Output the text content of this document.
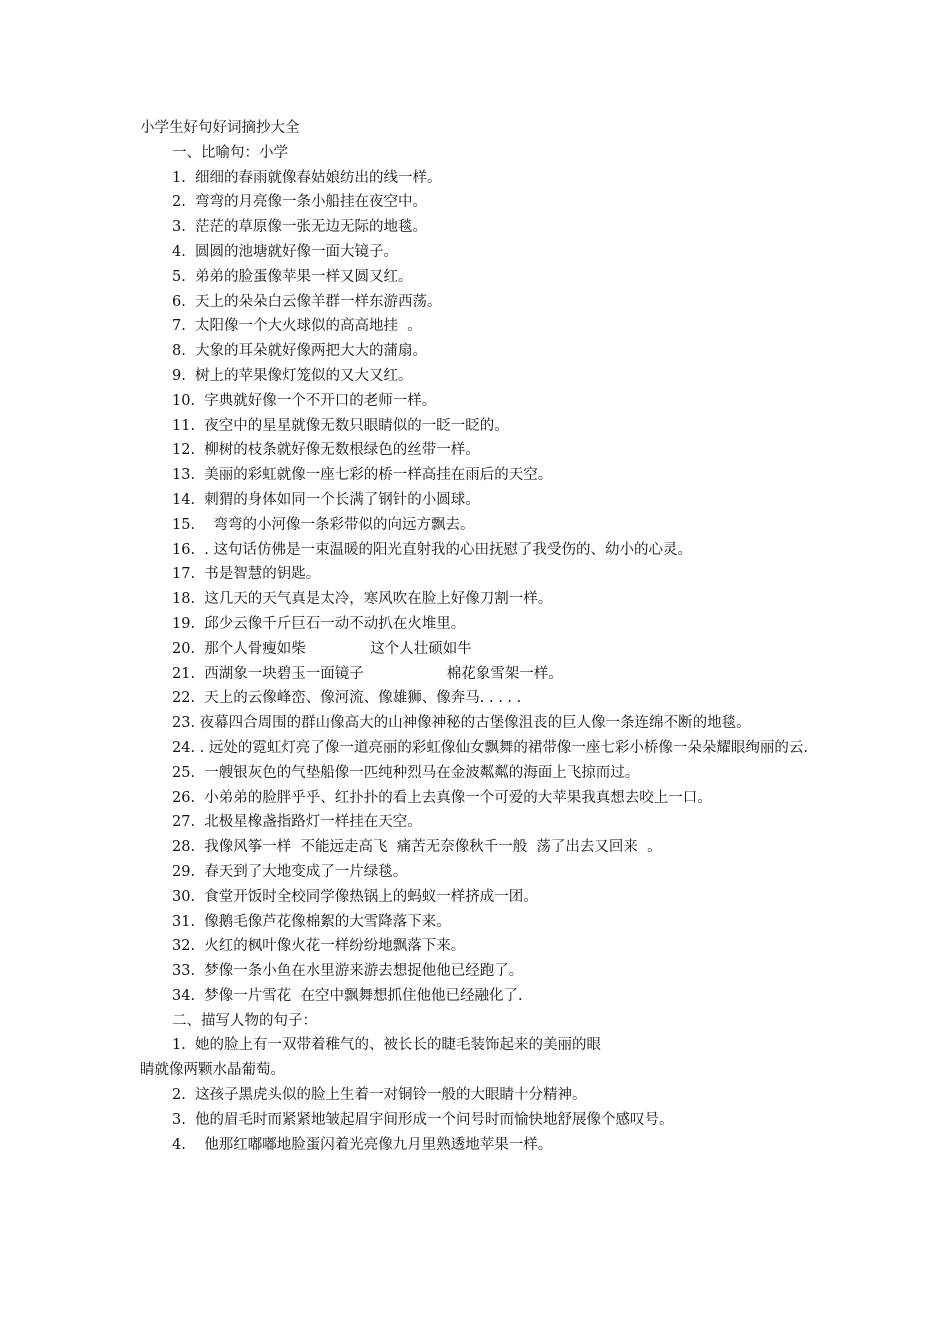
小学生好句好词摘抄大全
一、比喻句：小学
1.  细细的春雨就像春姑娘纺出的线一样。
2.  弯弯的月亮像一条小船挂在夜空中。
3.  茫茫的草原像一张无边无际的地毯。
4.  圆圆的池塘就好像一面大镜子。
5.  弟弟的脸蛋像苹果一样又圆又红。
6.  天上的朵朵白云像羊群一样东游西荡。
7.  太阳像一个大火球似的高高地挂  。
8.  大象的耳朵就好像两把大大的蒲扇。
9.  树上的苹果像灯笼似的又大又红。
10.  字典就好像一个不开口的老师一样。
11.  夜空中的星星就像无数只眼睛似的一眨一眨的。
12.  柳树的枝条就好像无数根绿色的丝带一样。
13.  美丽的彩虹就像一座七彩的桥一样高挂在雨后的天空。
14.  刺猬的身体如同一个长满了钢针的小圆球。
15.    弯弯的小河像一条彩带似的向远方飘去。
16.  . 这句话仿佛是一束温暖的阳光直射我的心田抚慰了我受伤的、幼小的心灵。
17.  书是智慧的钥匙。
18.  这几天的天气真是太冷，寒风吹在脸上好像刀割一样。
19.  邱少云像千斤巨石一动不动扒在火堆里。
20.  那个人骨瘦如柴              这个人壮硕如牛
21.  西湖象一块碧玉一面镜子                  棉花象雪架一样。
22.  天上的云像峰峦、像河流、像雄狮、像奔马. . . . .
23. 夜幕四合周围的群山像高大的山神像神秘的古堡像沮丧的巨人像一条连绵不断的地毯。
24. . 远处的霓虹灯亮了像一道亮丽的彩虹像仙女飘舞的裙带像一座七彩小桥像一朵朵耀眼绚丽的云.
25.  一艘银灰色的气垫船像一匹纯种烈马在金波粼粼的海面上飞掠而过。
26.  小弟弟的脸胖乎乎、红扑扑的看上去真像一个可爱的大苹果我真想去咬上一口。
27.  北极星橡盏指路灯一样挂在天空。
28.  我像风筝一样  不能远走高飞  痛苦无奈像秋千一般  荡了出去又回来  。
29.  春天到了大地变成了一片绿毯。
30.  食堂开饭时全校同学像热锅上的蚂蚁一样挤成一团。
31.  像鹅毛像芦花像棉絮的大雪降落下来。
32.  火红的枫叶像火花一样纷纷地飘落下来。
33.  梦像一条小鱼在水里游来游去想捉他他已经跑了。
34.  梦像一片雪花  在空中飘舞想抓住他他已经融化了.
二、描写人物的句子：
1.  她的脸上有一双带着稚气的、被长长的睫毛装饰起来的美丽的眼
睛就像两颗水晶葡萄。
2.  这孩子黑虎头似的脸上生着一对铜铃一般的大眼睛十分精神。
3.  他的眉毛时而紧紧地皱起眉宇间形成一个问号时而愉快地舒展像个感叹号。
4.    他那红嘟嘟地脸蛋闪着光亮像九月里熟透地苹果一样。
